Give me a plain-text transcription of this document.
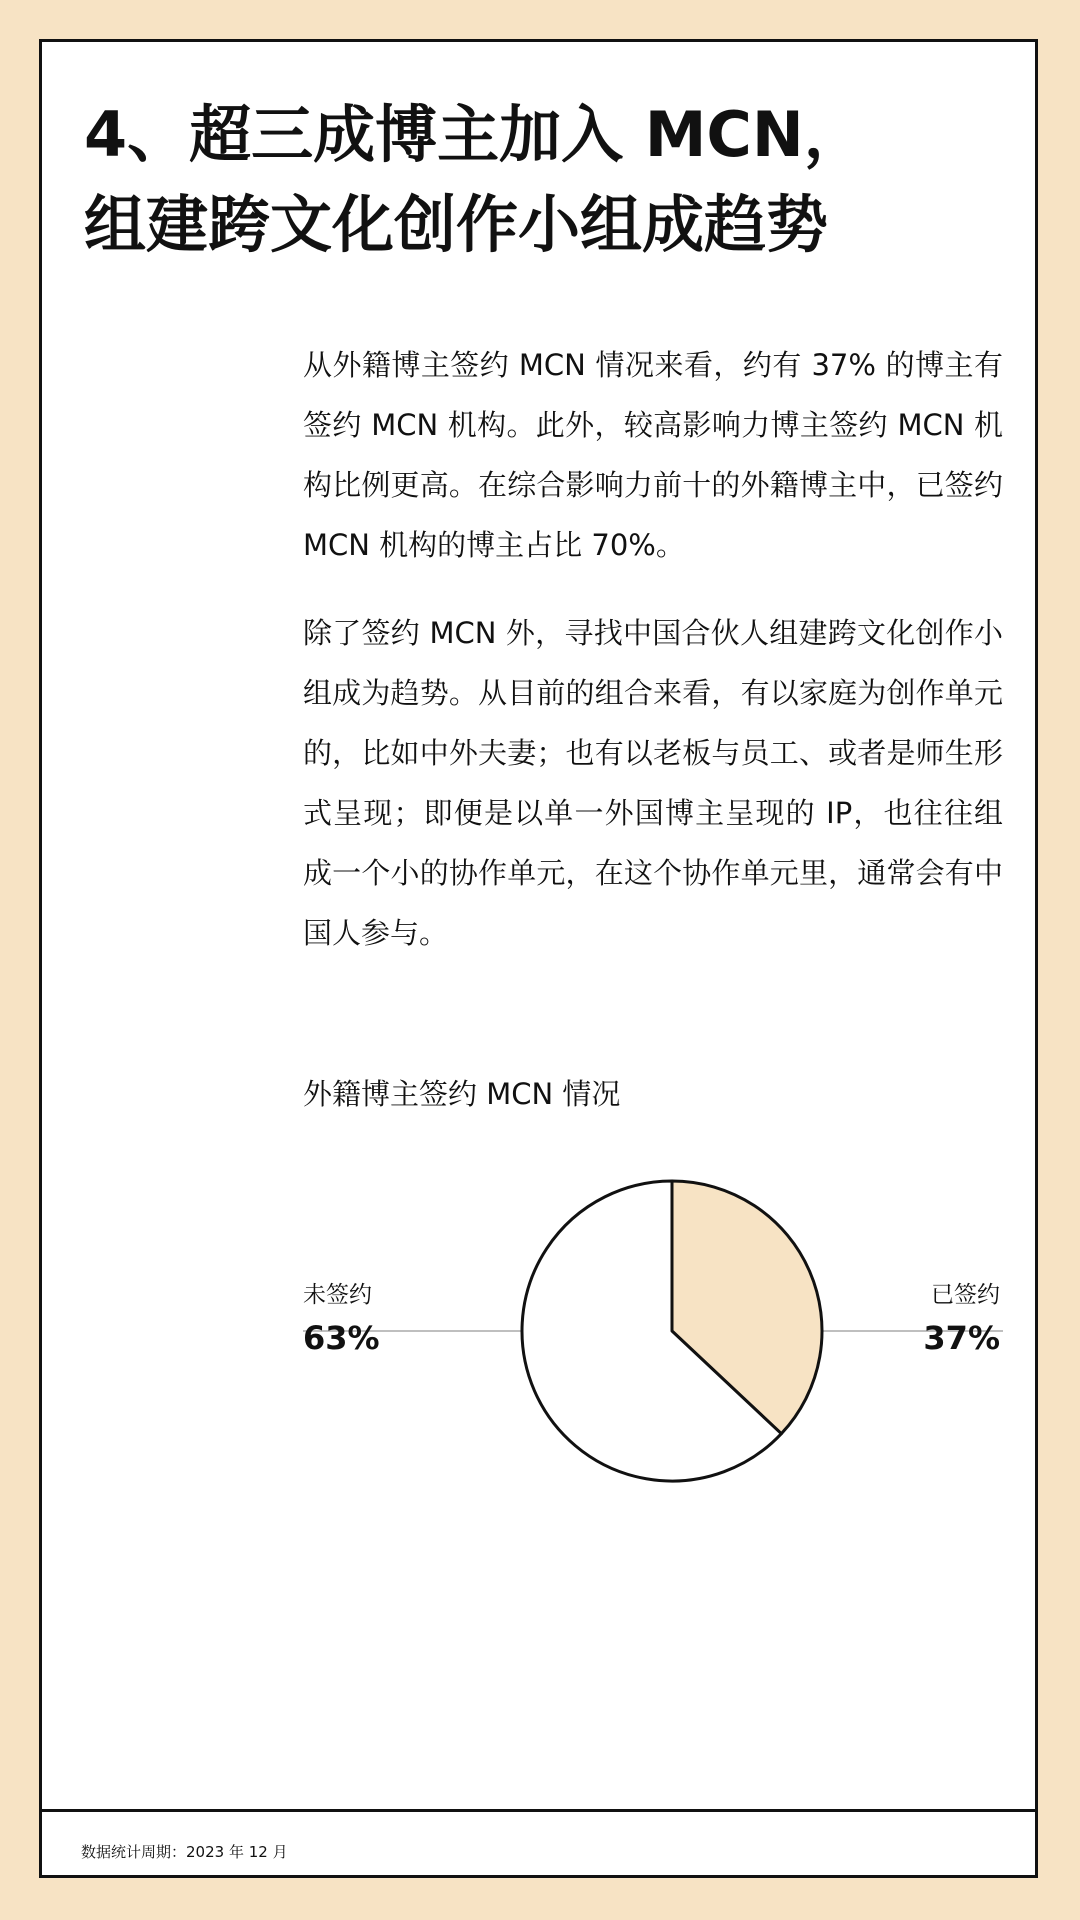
4、超三成博主加入 MCN，
组建跨文化创作小组成趋势

从外籍博主签约 MCN 情况来看，约有 37% 的博主有签约 MCN 机构。此外，较高影响力博主签约 MCN 机构比例更高。在综合影响力前十的外籍博主中，已签约 MCN 机构的博主占比 70%。

除了签约 MCN 外，寻找中国合伙人组建跨文化创作小组成为趋势。从目前的组合来看，有以家庭为创作单元的，比如中外夫妻；也有以老板与员工、或者是师生形式呈现；即便是以单一外国博主呈现的 IP，也往往组成一个小的协作单元，在这个协作单元里，通常会有中国人参与。

外籍博主签约 MCN 情况
未签约
63%
已签约
37%
数据统计周期：2023 年 12 月
